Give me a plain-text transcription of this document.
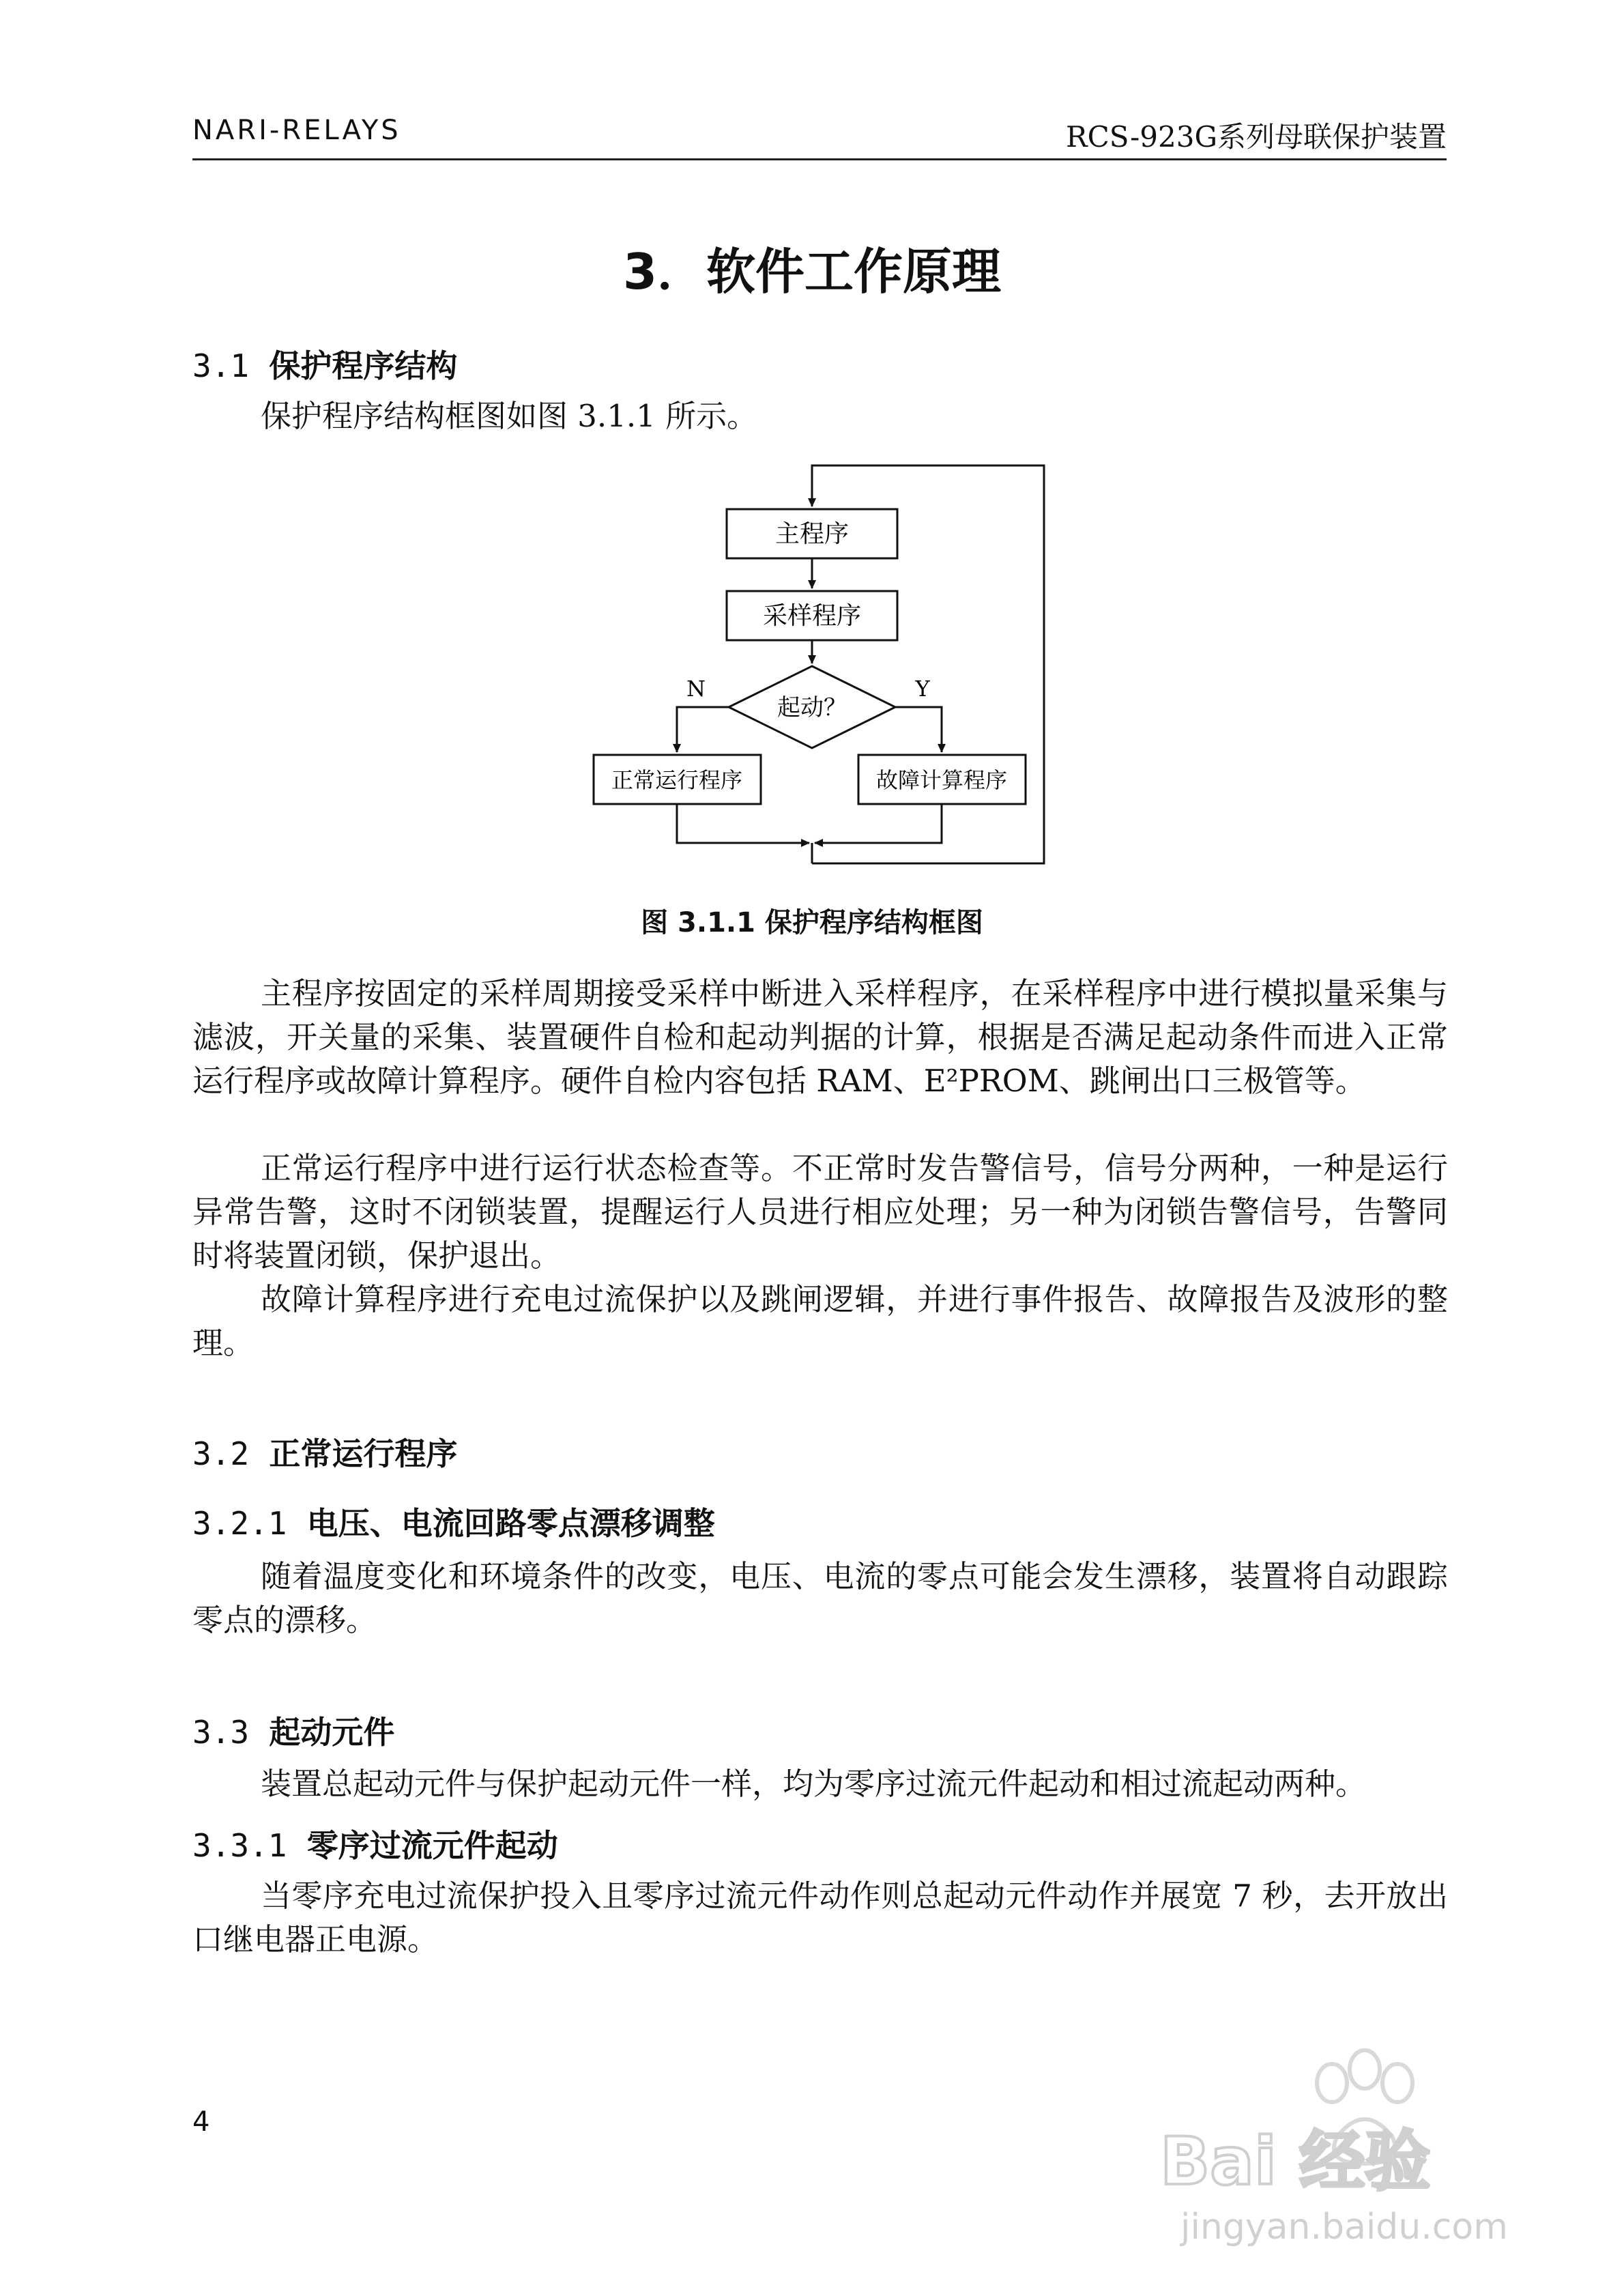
NARI-RELAYS	RCS-923G系列母联保护装置
3．软件工作原理
3.1 保护程序结构
保护程序结构框图如图 3.1.1 所示。
主程序
采样程序
起动？
N	Y
正常运行程序	故障计算程序
图 3.1.1 保护程序结构框图
主程序按固定的采样周期接受采样中断进入采样程序，在采样程序中进行模拟量采集与滤波，开关量的采集、装置硬件自检和起动判据的计算，根据是否满足起动条件而进入正常运行程序或故障计算程序。硬件自检内容包括 RAM、E²PROM、跳闸出口三极管等。
正常运行程序中进行运行状态检查等。不正常时发告警信号，信号分两种，一种是运行异常告警，这时不闭锁装置，提醒运行人员进行相应处理；另一种为闭锁告警信号，告警同时将装置闭锁，保护退出。
故障计算程序进行充电过流保护以及跳闸逻辑，并进行事件报告、故障报告及波形的整理。
3.2 正常运行程序
3.2.1 电压、电流回路零点漂移调整
随着温度变化和环境条件的改变，电压、电流的零点可能会发生漂移，装置将自动跟踪零点的漂移。
3.3 起动元件
装置总起动元件与保护起动元件一样，均为零序过流元件起动和相过流起动两种。
3.3.1 零序过流元件起动
当零序充电过流保护投入且零序过流元件动作则总起动元件动作并展宽 7 秒，去开放出口继电器正电源。
4
Bai 经验
jingyan.baidu.com
